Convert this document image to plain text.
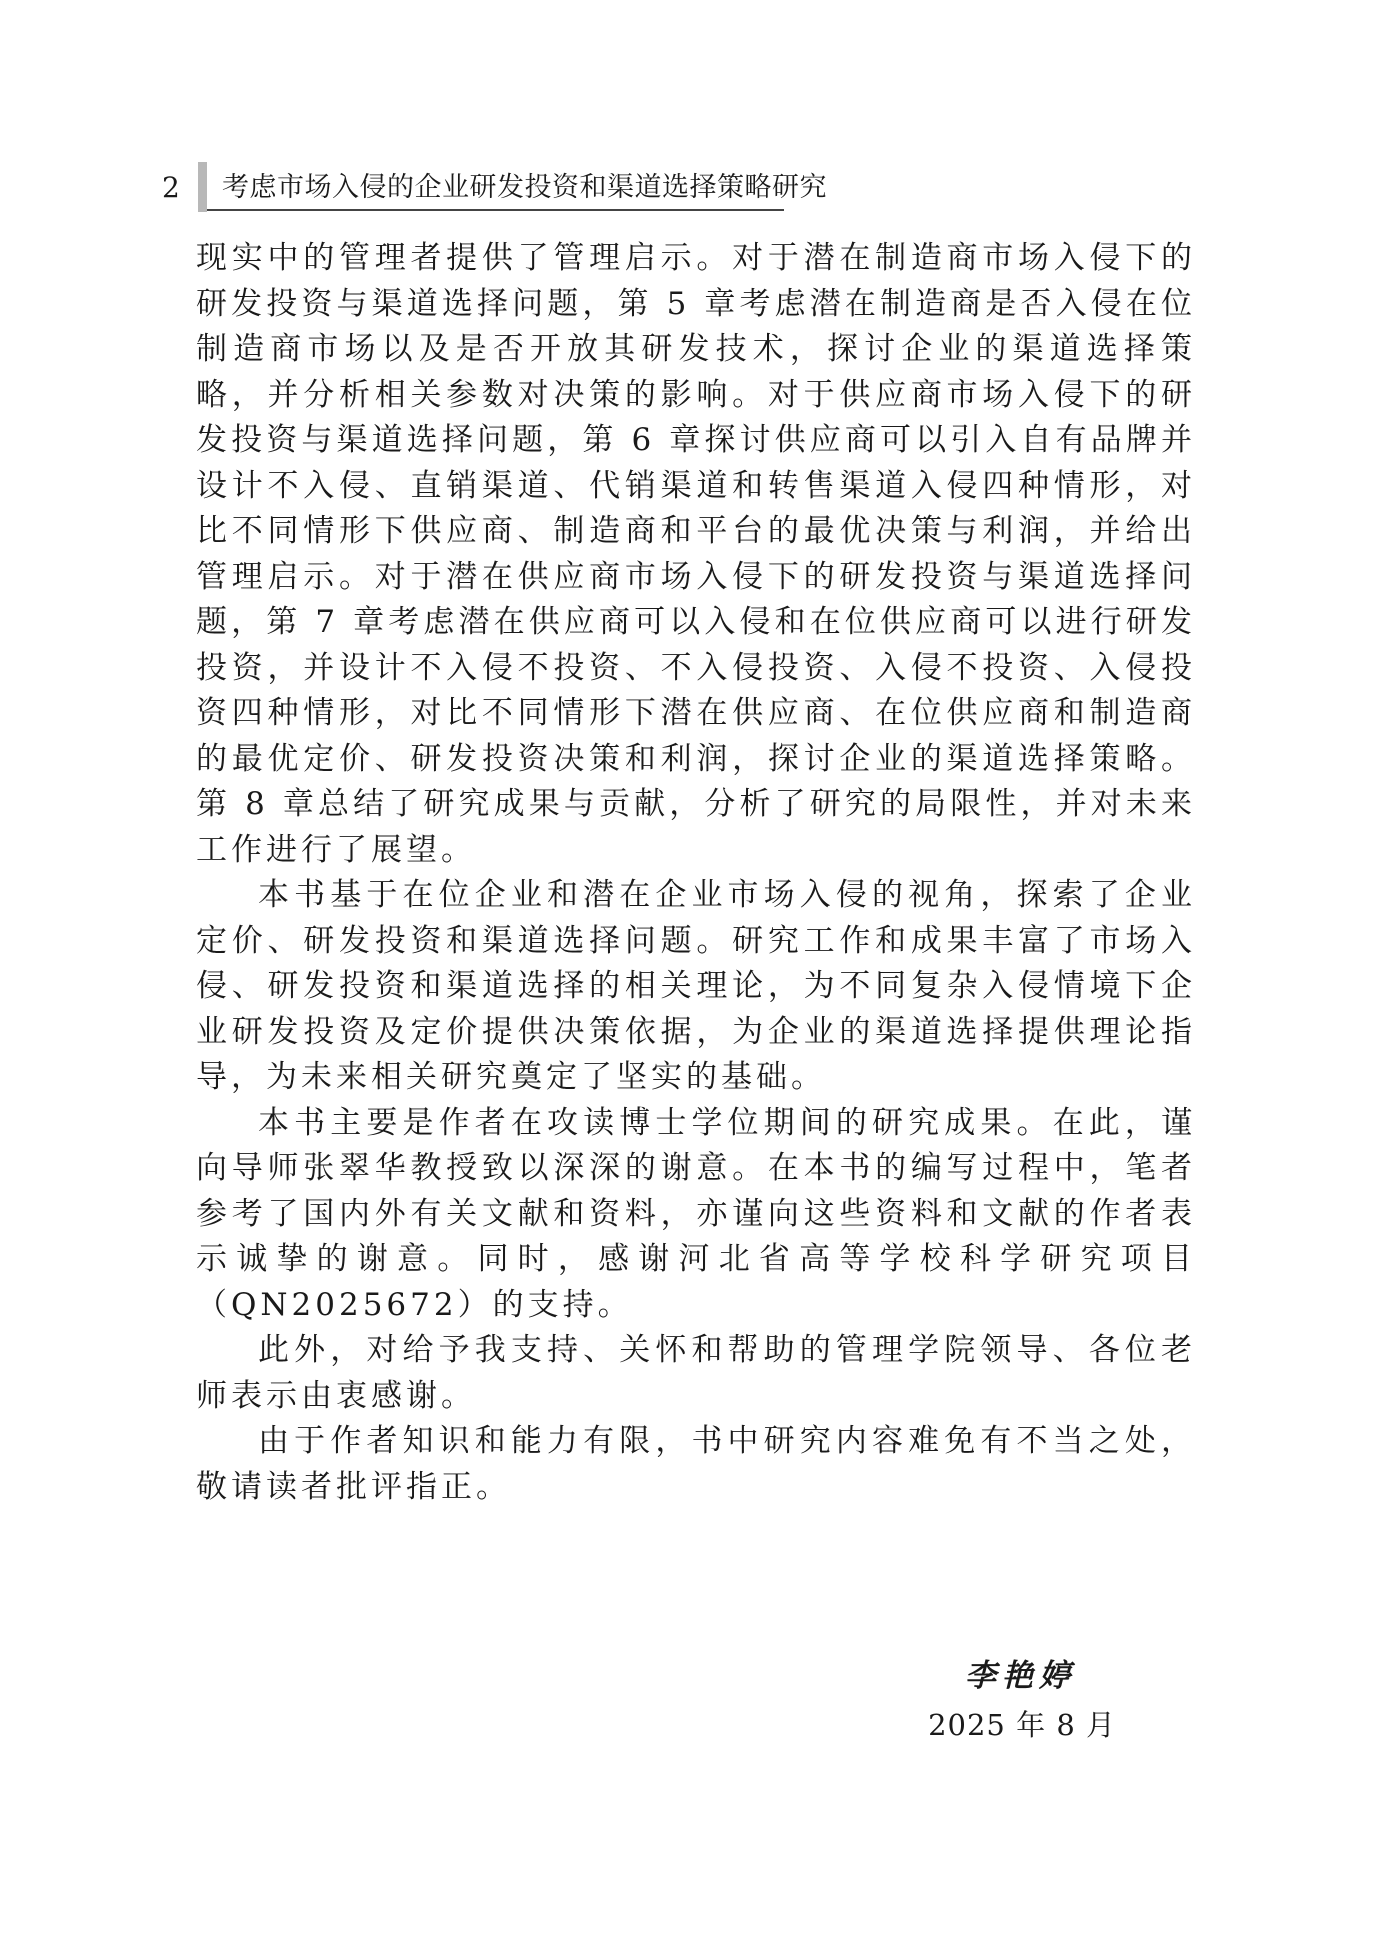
2 考虑市场入侵的企业研发投资和渠道选择策略研究

现实中的管理者提供了管理启示。对于潜在制造商市场入侵下的研发投资与渠道选择问题，第 5 章考虑潜在制造商是否入侵在位制造商市场以及是否开放其研发技术，探讨企业的渠道选择策略，并分析相关参数对决策的影响。对于供应商市场入侵下的研发投资与渠道选择问题，第 6 章探讨供应商可以引入自有品牌并设计不入侵、直销渠道、代销渠道和转售渠道入侵四种情形，对比不同情形下供应商、制造商和平台的最优决策与利润，并给出管理启示。对于潜在供应商市场入侵下的研发投资与渠道选择问题，第 7 章考虑潜在供应商可以入侵和在位供应商可以进行研发投资，并设计不入侵不投资、不入侵投资、入侵不投资、入侵投资四种情形，对比不同情形下潜在供应商、在位供应商和制造商的最优定价、研发投资决策和利润，探讨企业的渠道选择策略。第 8 章总结了研究成果与贡献，分析了研究的局限性，并对未来工作进行了展望。

本书基于在位企业和潜在企业市场入侵的视角，探索了企业定价、研发投资和渠道选择问题。研究工作和成果丰富了市场入侵、研发投资和渠道选择的相关理论，为不同复杂入侵情境下企业研发投资及定价提供决策依据，为企业的渠道选择提供理论指导，为未来相关研究奠定了坚实的基础。

本书主要是作者在攻读博士学位期间的研究成果。在此，谨向导师张翠华教授致以深深的谢意。在本书的编写过程中，笔者参考了国内外有关文献和资料，亦谨向这些资料和文献的作者表示诚挚的谢意。同时，感谢河北省高等学校科学研究项目（QN2025672）的支持。

此外，对给予我支持、关怀和帮助的管理学院领导、各位老师表示由衷感谢。

由于作者知识和能力有限，书中研究内容难免有不当之处，敬请读者批评指正。

李艳婷
2025 年 8 月
